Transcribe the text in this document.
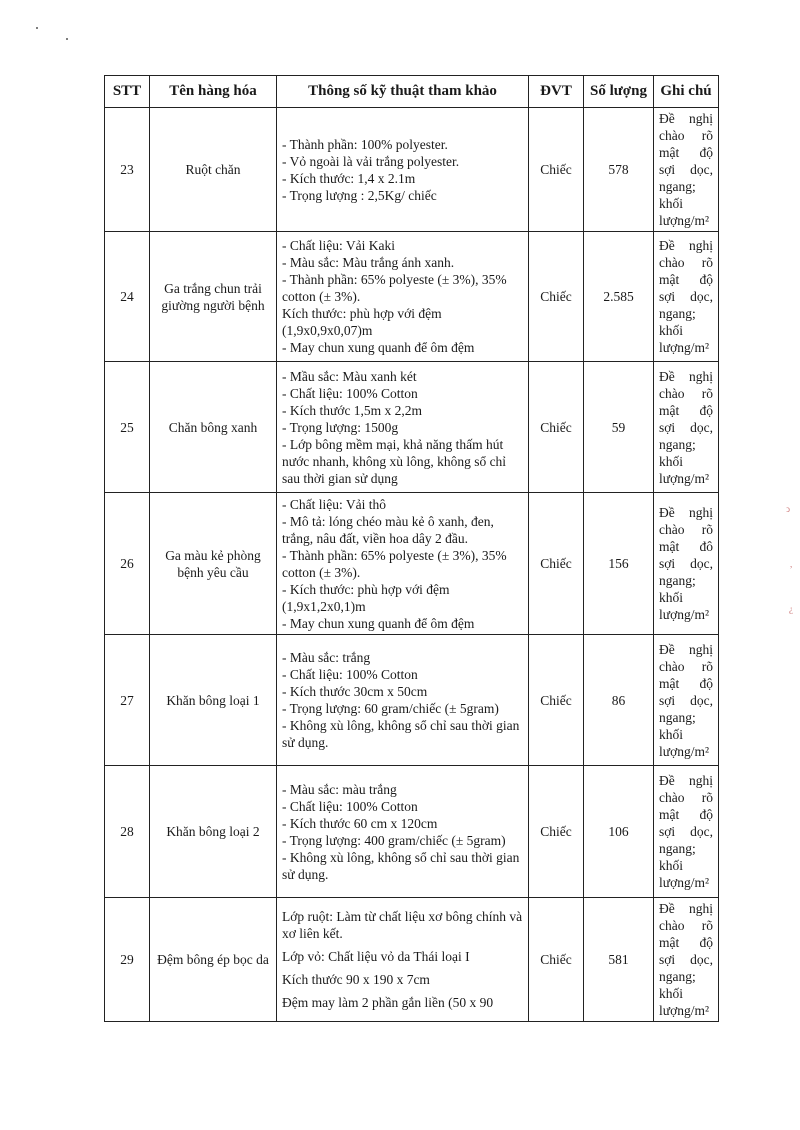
ͻ
,
¿
STT	Tên hàng hóa	Thông số kỹ thuật tham khảo	ĐVT	Số lượng	Ghi chú
23	Ruột chăn	- Thành phần: 100% polyester.
- Vỏ ngoài là vải trắng polyester.
- Kích thước: 1,4 x 2.1m
- Trọng lượng : 2,5Kg/ chiếc	Chiếc	578	Đề nghị chào rõ mật độ sợi dọc, ngang; khối lượng/m²
24	Ga trắng chun trải giường người bệnh	- Chất liệu: Vải Kaki
- Màu sắc: Màu trắng ánh xanh.
- Thành phần: 65% polyeste (± 3%), 35% cotton (± 3%).
Kích thước: phù hợp với đệm (1,9x0,9x0,07)m
- May chun xung quanh để ôm đệm	Chiếc	2.585	Đề nghị chào rõ mật độ sợi dọc, ngang; khối lượng/m²
25	Chăn bông xanh	- Mầu sắc: Màu xanh két
- Chất liệu: 100% Cotton
- Kích thước 1,5m x 2,2m
- Trọng lượng: 1500g
- Lớp bông mềm mại, khả năng thấm hút nước nhanh, không xù lông, không sổ chỉ sau thời gian sử dụng	Chiếc	59	Đề nghị chào rõ mật độ sợi dọc, ngang; khối lượng/m²
26	Ga màu kẻ phòng bệnh yêu cầu	- Chất liệu: Vải thô
- Mô tả: lóng chéo màu kẻ ô xanh, đen, trắng, nâu đất, viền hoa dây 2 đầu.
- Thành phần: 65% polyeste (± 3%), 35% cotton (± 3%).
- Kích thước: phù hợp với đệm (1,9x1,2x0,1)m
- May chun xung quanh để ôm đệm	Chiếc	156	Đề nghị chào rõ mật đô sợi dọc, ngang; khối lượng/m²
27	Khăn bông loại 1	- Màu sắc: trắng
- Chất liệu: 100% Cotton
- Kích thước 30cm x 50cm
- Trọng lượng: 60 gram/chiếc (± 5gram)
- Không xù lông, không sổ chỉ sau thời gian sử dụng.	Chiếc	86	Đề nghị chào rõ mật độ sợi dọc, ngang; khối lượng/m²
28	Khăn bông loại 2	- Màu sắc: màu trắng
- Chất liệu: 100% Cotton
- Kích thước 60 cm x 120cm
- Trọng lượng: 400 gram/chiếc (± 5gram)
- Không xù lông, không sổ chỉ sau thời gian sử dụng.	Chiếc	106	Đề nghị chào rõ mật độ sợi dọc, ngang; khối lượng/m²
29	Đệm bông ép bọc da	Lớp ruột: Làm từ chất liệu xơ bông chính và xơ liên kết.

Lớp vỏ: Chất liệu vỏ da Thái loại I

Kích thước 90 x 190 x 7cm

Đệm may làm 2 phần gắn liền (50 x 90	Chiếc	581	Đề nghị chào rõ mật độ sợi dọc, ngang; khối lượng/m²
